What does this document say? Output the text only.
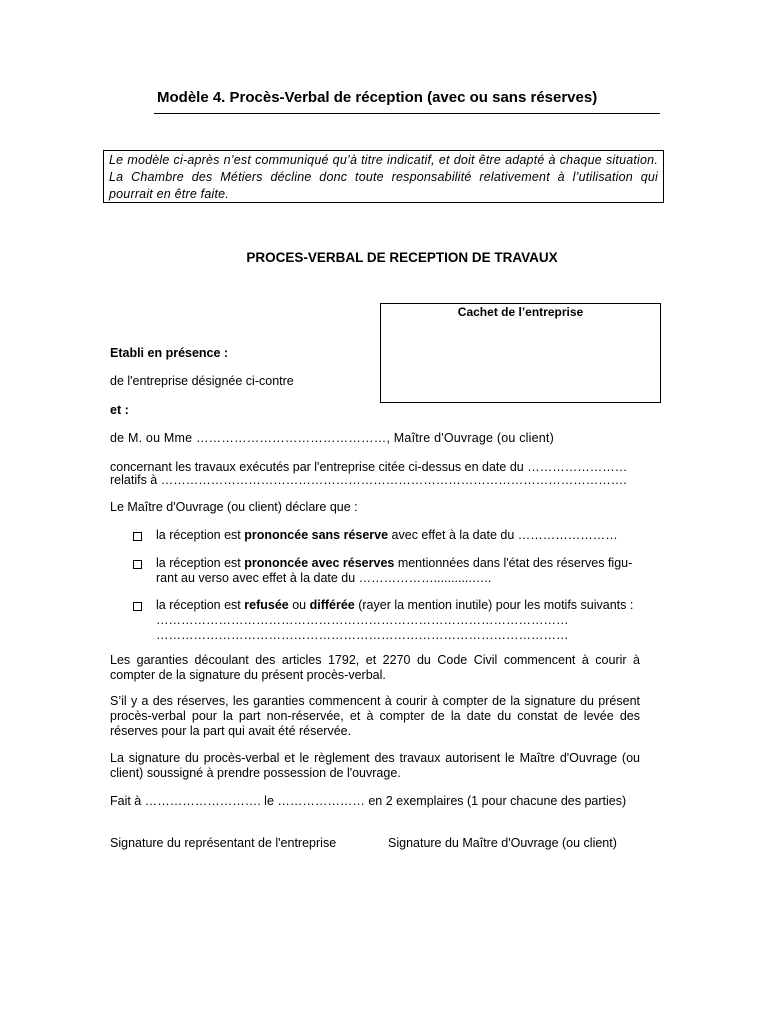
Modèle 4. Procès-Verbal de réception (avec ou sans réserves)
Le modèle ci-après n’est communiqué qu’à titre indicatif, et doit être adapté à chaque situation. La Chambre des Métiers décline donc toute responsabilité relativement à l’utilisation qui pourrait en être faite.
PROCES-VERBAL DE RECEPTION DE TRAVAUX
Cachet de l’entreprise
Etabli en présence :
de l'entreprise désignée ci-contre
et :
de M. ou Mme ………………………………………, Maître d'Ouvrage (ou client)
concernant les travaux exécutés par l'entreprise citée ci-dessus en date du ……………………
relatifs à ………………………………………………………………………………………………….
Le Maître d'Ouvrage (ou client) déclare que :
la réception est prononcée sans réserve avec effet à la date du ……………………
la réception est prononcée avec réserves mentionnées dans l'état des réserves figu-
rant au verso avec effet à la date du ………………...........…..
la réception est refusée ou différée (rayer la mention inutile) pour les motifs suivants :
………………………………………………………………………………………
………………………………………………………………………………………
Les garanties découlant des articles 1792, et 2270 du Code Civil commencent à courir à compter de la signature du présent procès-verbal.
S’il y a des réserves, les garanties commencent à courir à compter de la signature du présent procès-verbal pour la part non-réservée, et à compter de la date du constat de levée des réserves pour la part qui avait été réservée.
La signature du procès-verbal et le règlement des travaux autorisent le Maître d'Ouvrage (ou client) soussigné à prendre possession de l'ouvrage.
Fait à ………………………. le ………………… en 2 exemplaires (1 pour chacune des parties)
Signature du représentant de l'entreprise	Signature du Maître d'Ouvrage (ou client)
